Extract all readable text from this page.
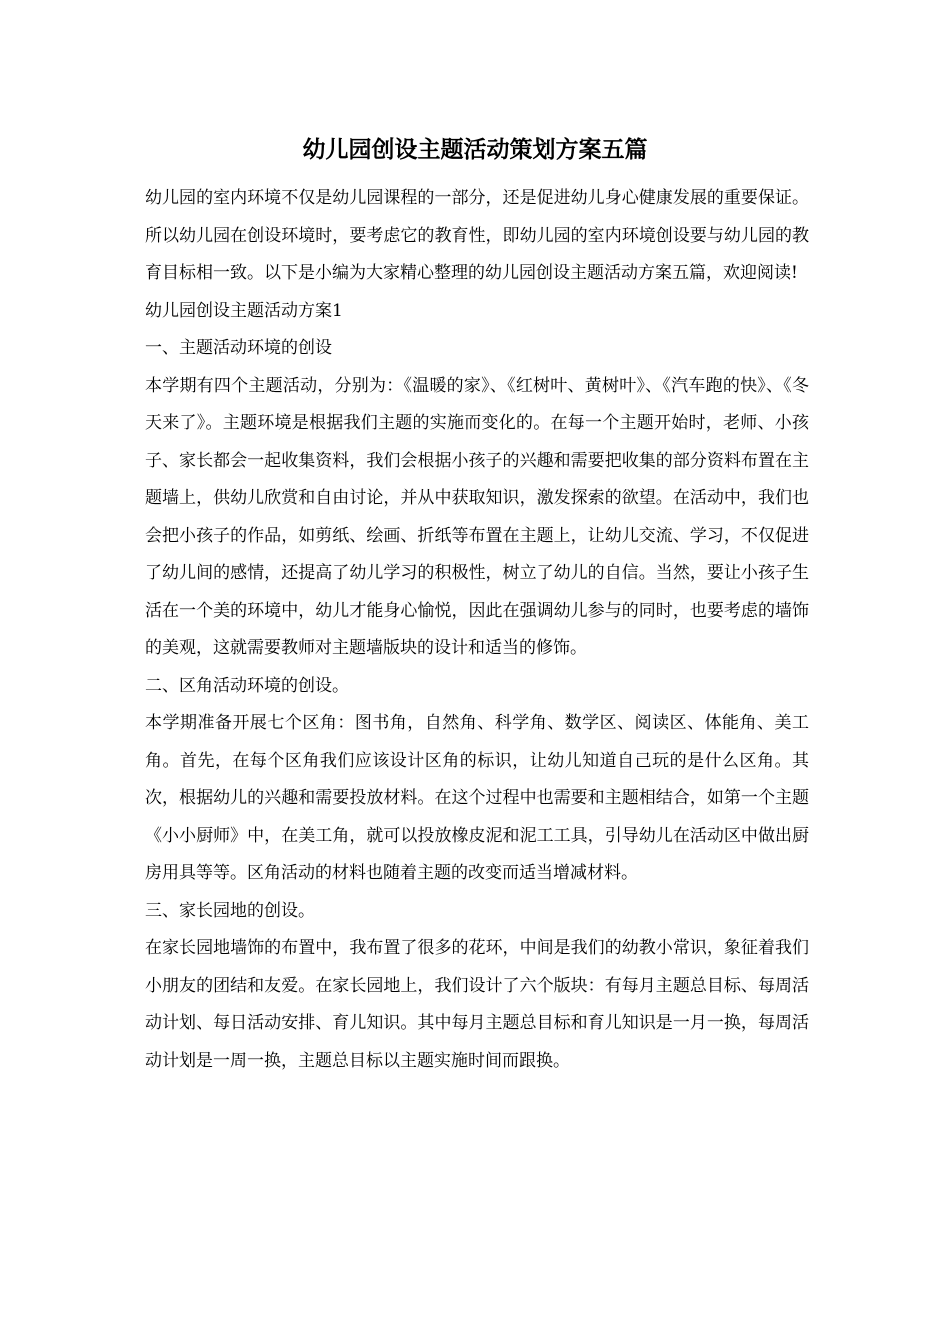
幼儿园创设主题活动策划方案五篇

幼儿园的室内环境不仅是幼儿园课程的一部分，还是促进幼儿身心健康发展的重要保证。所以幼儿园在创设环境时，要考虑它的教育性，即幼儿园的室内环境创设要与幼儿园的教育目标相一致。以下是小编为大家精心整理的幼儿园创设主题活动方案五篇，欢迎阅读!

幼儿园创设主题活动方案1

一、主题活动环境的创设

本学期有四个主题活动，分别为：《温暖的家》、《红树叶、黄树叶》、《汽车跑的快》、《冬天来了》。主题环境是根据我们主题的实施而变化的。在每一个主题开始时，老师、小孩子、家长都会一起收集资料，我们会根据小孩子的兴趣和需要把收集的部分资料布置在主题墙上，供幼儿欣赏和自由讨论，并从中获取知识，激发探索的欲望。在活动中，我们也会把小孩子的作品，如剪纸、绘画、折纸等布置在主题上，让幼儿交流、学习，不仅促进了幼儿间的感情，还提高了幼儿学习的积极性，树立了幼儿的自信。当然，要让小孩子生活在一个美的环境中，幼儿才能身心愉悦，因此在强调幼儿参与的同时，也要考虑的墙饰的美观，这就需要教师对主题墙版块的设计和适当的修饰。

二、区角活动环境的创设。

本学期准备开展七个区角：图书角，自然角、科学角、数学区、阅读区、体能角、美工角。首先，在每个区角我们应该设计区角的标识，让幼儿知道自己玩的是什么区角。其次，根据幼儿的兴趣和需要投放材料。在这个过程中也需要和主题相结合，如第一个主题《小小厨师》中，在美工角，就可以投放橡皮泥和泥工工具，引导幼儿在活动区中做出厨房用具等等。区角活动的材料也随着主题的改变而适当增减材料。

三、家长园地的创设。

在家长园地墙饰的布置中，我布置了很多的花环，中间是我们的幼教小常识，象征着我们小朋友的团结和友爱。在家长园地上，我们设计了六个版块：有每月主题总目标、每周活动计划、每日活动安排、育儿知识。其中每月主题总目标和育儿知识是一月一换，每周活动计划是一周一换，主题总目标以主题实施时间而跟换。
